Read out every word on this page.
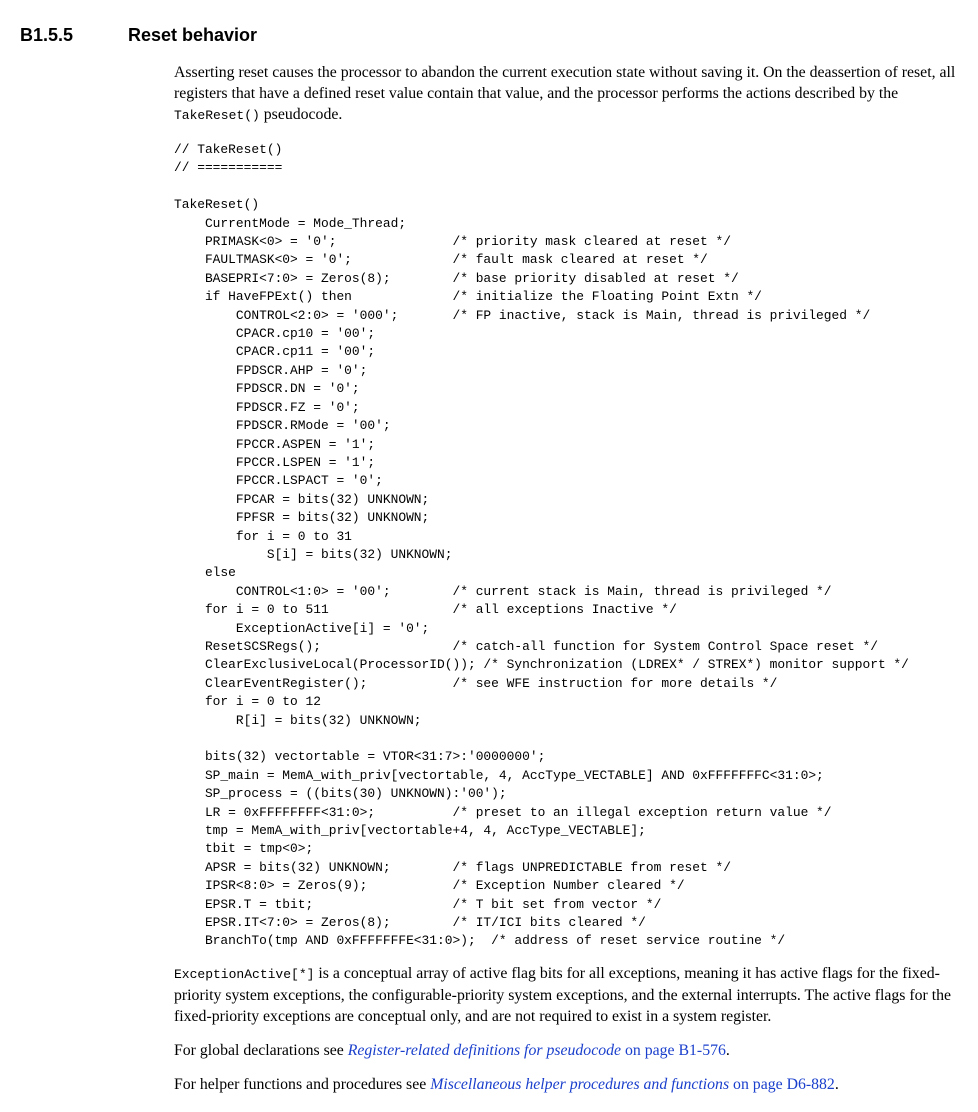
B1.5.5	Reset behavior
Asserting reset causes the processor to abandon the current execution state without saving it. On the deassertion of reset, all registers that have a defined reset value contain that value, and the processor performs the actions described by the TakeReset() pseudocode.
// TakeReset()
// ===========

TakeReset()
CurrentMode = Mode_Thread;
PRIMASK<0> = '0';               /* priority mask cleared at reset */
FAULTMASK<0> = '0';             /* fault mask cleared at reset */
BASEPRI<7:0> = Zeros(8);        /* base priority disabled at reset */
if HaveFPExt() then             /* initialize the Floating Point Extn */
CONTROL<2:0> = '000';       /* FP inactive, stack is Main, thread is privileged */
CPACR.cp10 = '00';
CPACR.cp11 = '00';
FPDSCR.AHP = '0';
FPDSCR.DN = '0';
FPDSCR.FZ = '0';
FPDSCR.RMode = '00';
FPCCR.ASPEN = '1';
FPCCR.LSPEN = '1';
FPCCR.LSPACT = '0';
FPCAR = bits(32) UNKNOWN;
FPFSR = bits(32) UNKNOWN;
for i = 0 to 31
S[i] = bits(32) UNKNOWN;
else
CONTROL<1:0> = '00';        /* current stack is Main, thread is privileged */
for i = 0 to 511                /* all exceptions Inactive */
ExceptionActive[i] = '0';
ResetSCSRegs();                 /* catch-all function for System Control Space reset */
ClearExclusiveLocal(ProcessorID()); /* Synchronization (LDREX* / STREX*) monitor support */
ClearEventRegister();           /* see WFE instruction for more details */
for i = 0 to 12
R[i] = bits(32) UNKNOWN;

bits(32) vectortable = VTOR<31:7>:'0000000';
SP_main = MemA_with_priv[vectortable, 4, AccType_VECTABLE] AND 0xFFFFFFFC<31:0>;
SP_process = ((bits(30) UNKNOWN):'00');
LR = 0xFFFFFFFF<31:0>;          /* preset to an illegal exception return value */
tmp = MemA_with_priv[vectortable+4, 4, AccType_VECTABLE];
tbit = tmp<0>;
APSR = bits(32) UNKNOWN;        /* flags UNPREDICTABLE from reset */
IPSR<8:0> = Zeros(9);           /* Exception Number cleared */
EPSR.T = tbit;                  /* T bit set from vector */
EPSR.IT<7:0> = Zeros(8);        /* IT/ICI bits cleared */
BranchTo(tmp AND 0xFFFFFFFE<31:0>);  /* address of reset service routine */
ExceptionActive[*] is a conceptual array of active flag bits for all exceptions, meaning it has active flags for the fixed-priority system exceptions, the configurable-priority system exceptions, and the external interrupts. The active flags for the fixed-priority exceptions are conceptual only, and are not required to exist in a system register.
For global declarations see Register-related definitions for pseudocode on page B1-576.
For helper functions and procedures see Miscellaneous helper procedures and functions on page D6-882.
